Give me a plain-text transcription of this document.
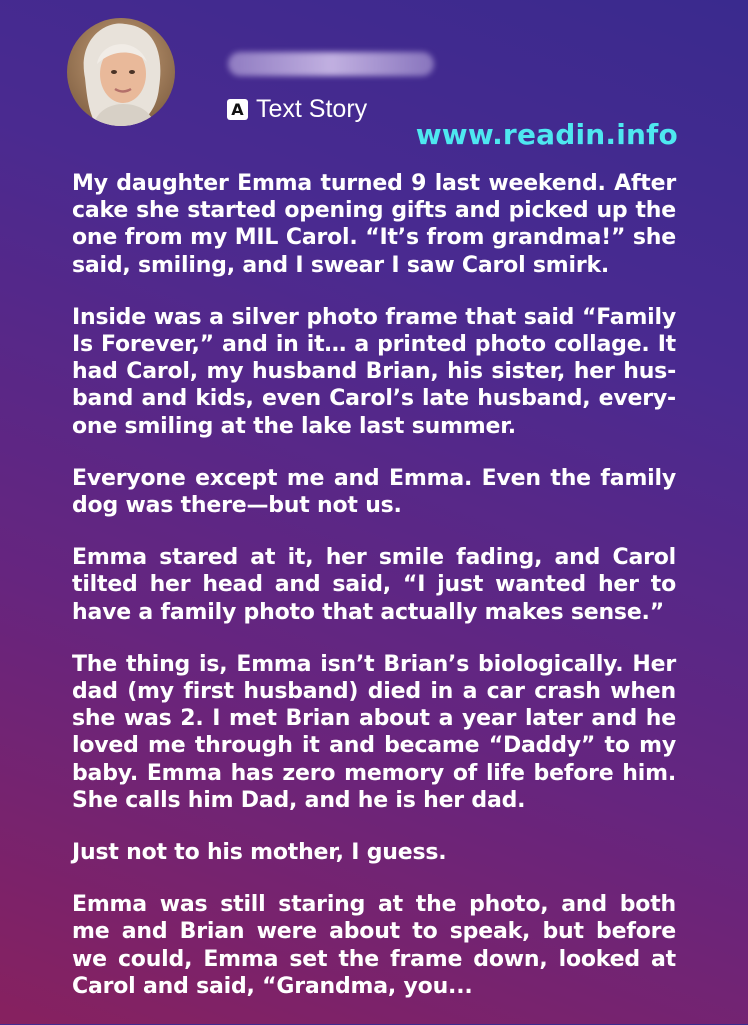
A Text Story
www.readin.info

My daughter Emma turned 9 last weekend. After cake she started opening gifts and picked up the one from my MIL Carol. “It’s from grandma!” she said, smiling, and I swear I saw Carol smirk.

Inside was a silver photo frame that said “Family Is Forever,” and in it… a printed photo collage. It had Carol, my husband Brian, his sister, her hus-band and kids, even Carol’s late husband, every-one smiling at the lake last summer.

Everyone except me and Emma. Even the family dog was there—but not us.

Emma stared at it, her smile fading, and Carol tilted her head and said, “I just wanted her to have a family photo that actually makes sense.”

The thing is, Emma isn’t Brian’s biologically. Her dad (my first husband) died in a car crash when she was 2. I met Brian about a year later and he loved me through it and became “Daddy” to my baby. Emma has zero memory of life before him. She calls him Dad, and he is her dad.

Just not to his mother, I guess.

Emma was still staring at the photo, and both me and Brian were about to speak, but before we could, Emma set the frame down, looked at Carol and said, “Grandma, you...
